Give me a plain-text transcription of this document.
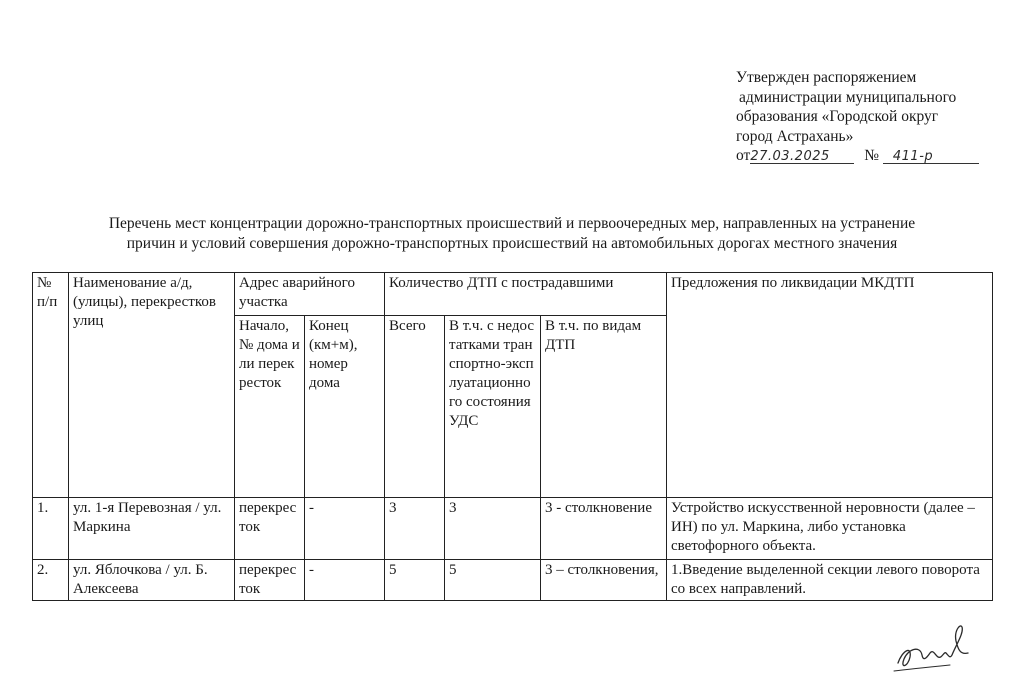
Утвержден распоряжением
администрации муниципального
образования «Городской округ
город Астрахань»
от27.03.2025 № 411-р
Перечень мест концентрации дорожно-транспортных происшествий и первоочередных мер, направленных на устранение
причин и условий совершения дорожно-транспортных происшествий на автомобильных дорогах местного значения
№ п/п	Наименование а/д, (улицы), перекрестков улиц	Адрес аварийного участка		Количество ДТП с пострадавшими			Предложения по ликвидации МКДТП
		Начало, № дома или перекресток	Конец (км+м), номер дома	Всего	В т.ч. с недостатками транспортно-эксплуатационного состояния УДС	В т.ч. по видам ДТП	
1.	ул. 1-я Перевозная / ул. Маркина	перекресток	-	3	3	3 - столкновение	Устройство искусственной неровности (далее – ИН) по ул. Маркина, либо установка светофорного объекта.
2.	ул. Яблочкова / ул. Б. Алексеева	перекресток	-	5	5	3 – столкновения,	1.Введение выделенной секции левого поворота со всех направлений.
